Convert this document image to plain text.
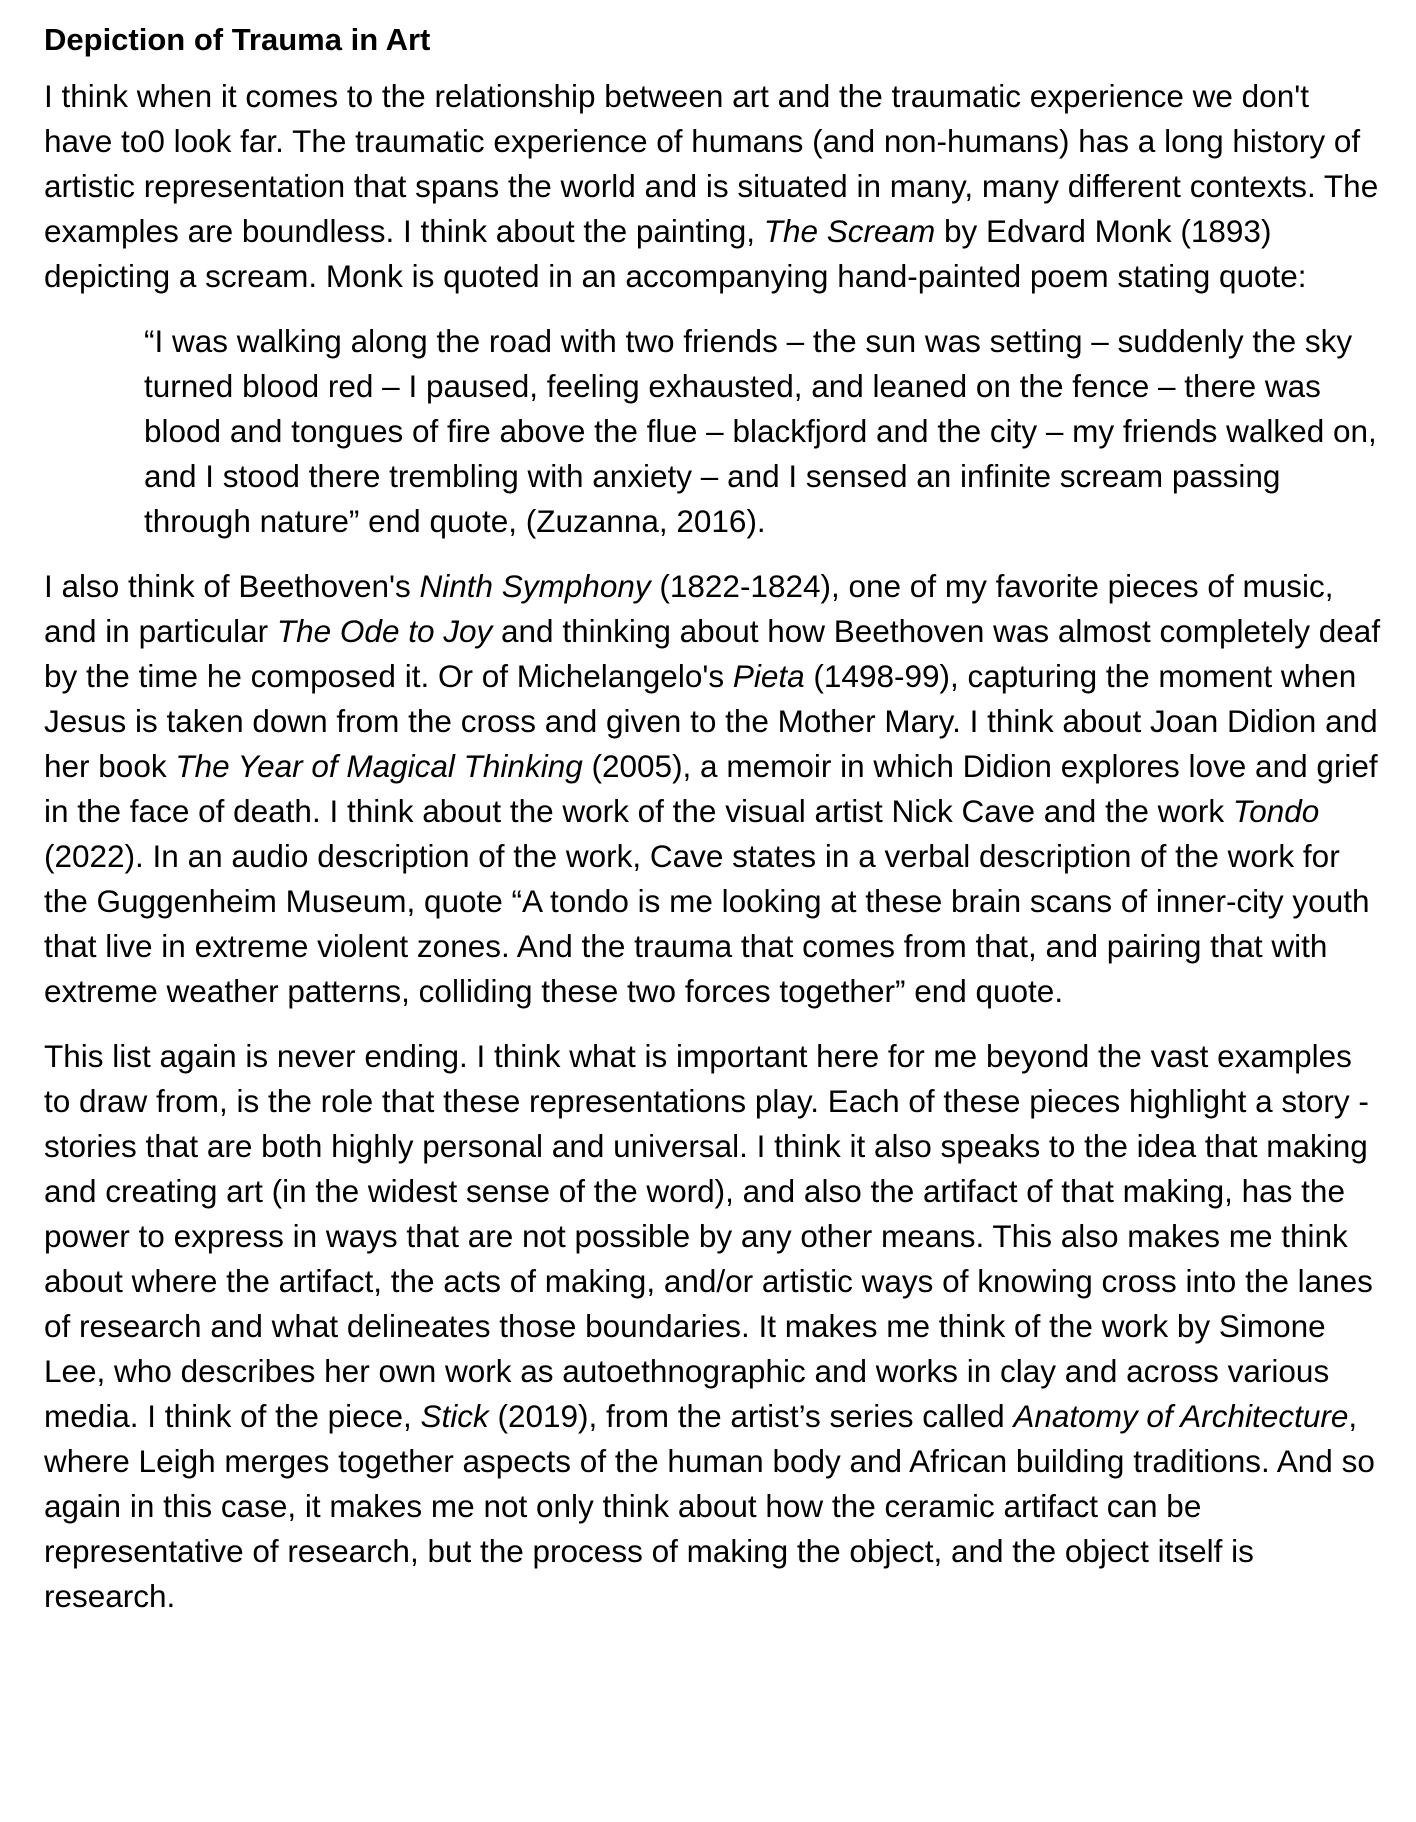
Depiction of Trauma in Art

I think when it comes to the relationship between art and the traumatic experience we don't have to0 look far. The traumatic experience of humans (and non-humans) has a long history of artistic representation that spans the world and is situated in many, many different contexts. The examples are boundless. I think about the painting, The Scream by Edvard Monk (1893) depicting a scream. Monk is quoted in an accompanying hand-painted poem stating quote:

“I was walking along the road with two friends – the sun was setting – suddenly the sky turned blood red – I paused, feeling exhausted, and leaned on the fence – there was blood and tongues of fire above the flue – blackfjord and the city – my friends walked on, and I stood there trembling with anxiety – and I sensed an infinite scream passing through nature” end quote, (Zuzanna, 2016).

I also think of Beethoven's Ninth Symphony (1822-1824), one of my favorite pieces of music, and in particular The Ode to Joy and thinking about how Beethoven was almost completely deaf by the time he composed it. Or of Michelangelo's Pieta (1498-99), capturing the moment when Jesus is taken down from the cross and given to the Mother Mary. I think about Joan Didion and her book The Year of Magical Thinking (2005), a memoir in which Didion explores love and grief in the face of death. I think about the work of the visual artist Nick Cave and the work Tondo (2022). In an audio description of the work, Cave states in a verbal description of the work for the Guggenheim Museum, quote “A tondo is me looking at these brain scans of inner-city youth that live in extreme violent zones. And the trauma that comes from that, and pairing that with extreme weather patterns, colliding these two forces together” end quote.

This list again is never ending. I think what is important here for me beyond the vast examples to draw from, is the role that these representations play. Each of these pieces highlight a story - stories that are both highly personal and universal. I think it also speaks to the idea that making and creating art (in the widest sense of the word), and also the artifact of that making, has the power to express in ways that are not possible by any other means. This also makes me think about where the artifact, the acts of making, and/or artistic ways of knowing cross into the lanes of research and what delineates those boundaries. It makes me think of the work by Simone Lee, who describes her own work as autoethnographic and works in clay and across various media. I think of the piece, Stick (2019), from the artist’s series called Anatomy of Architecture, where Leigh merges together aspects of the human body and African building traditions. And so again in this case, it makes me not only think about how the ceramic artifact can be representative of research, but the process of making the object, and the object itself is research.
